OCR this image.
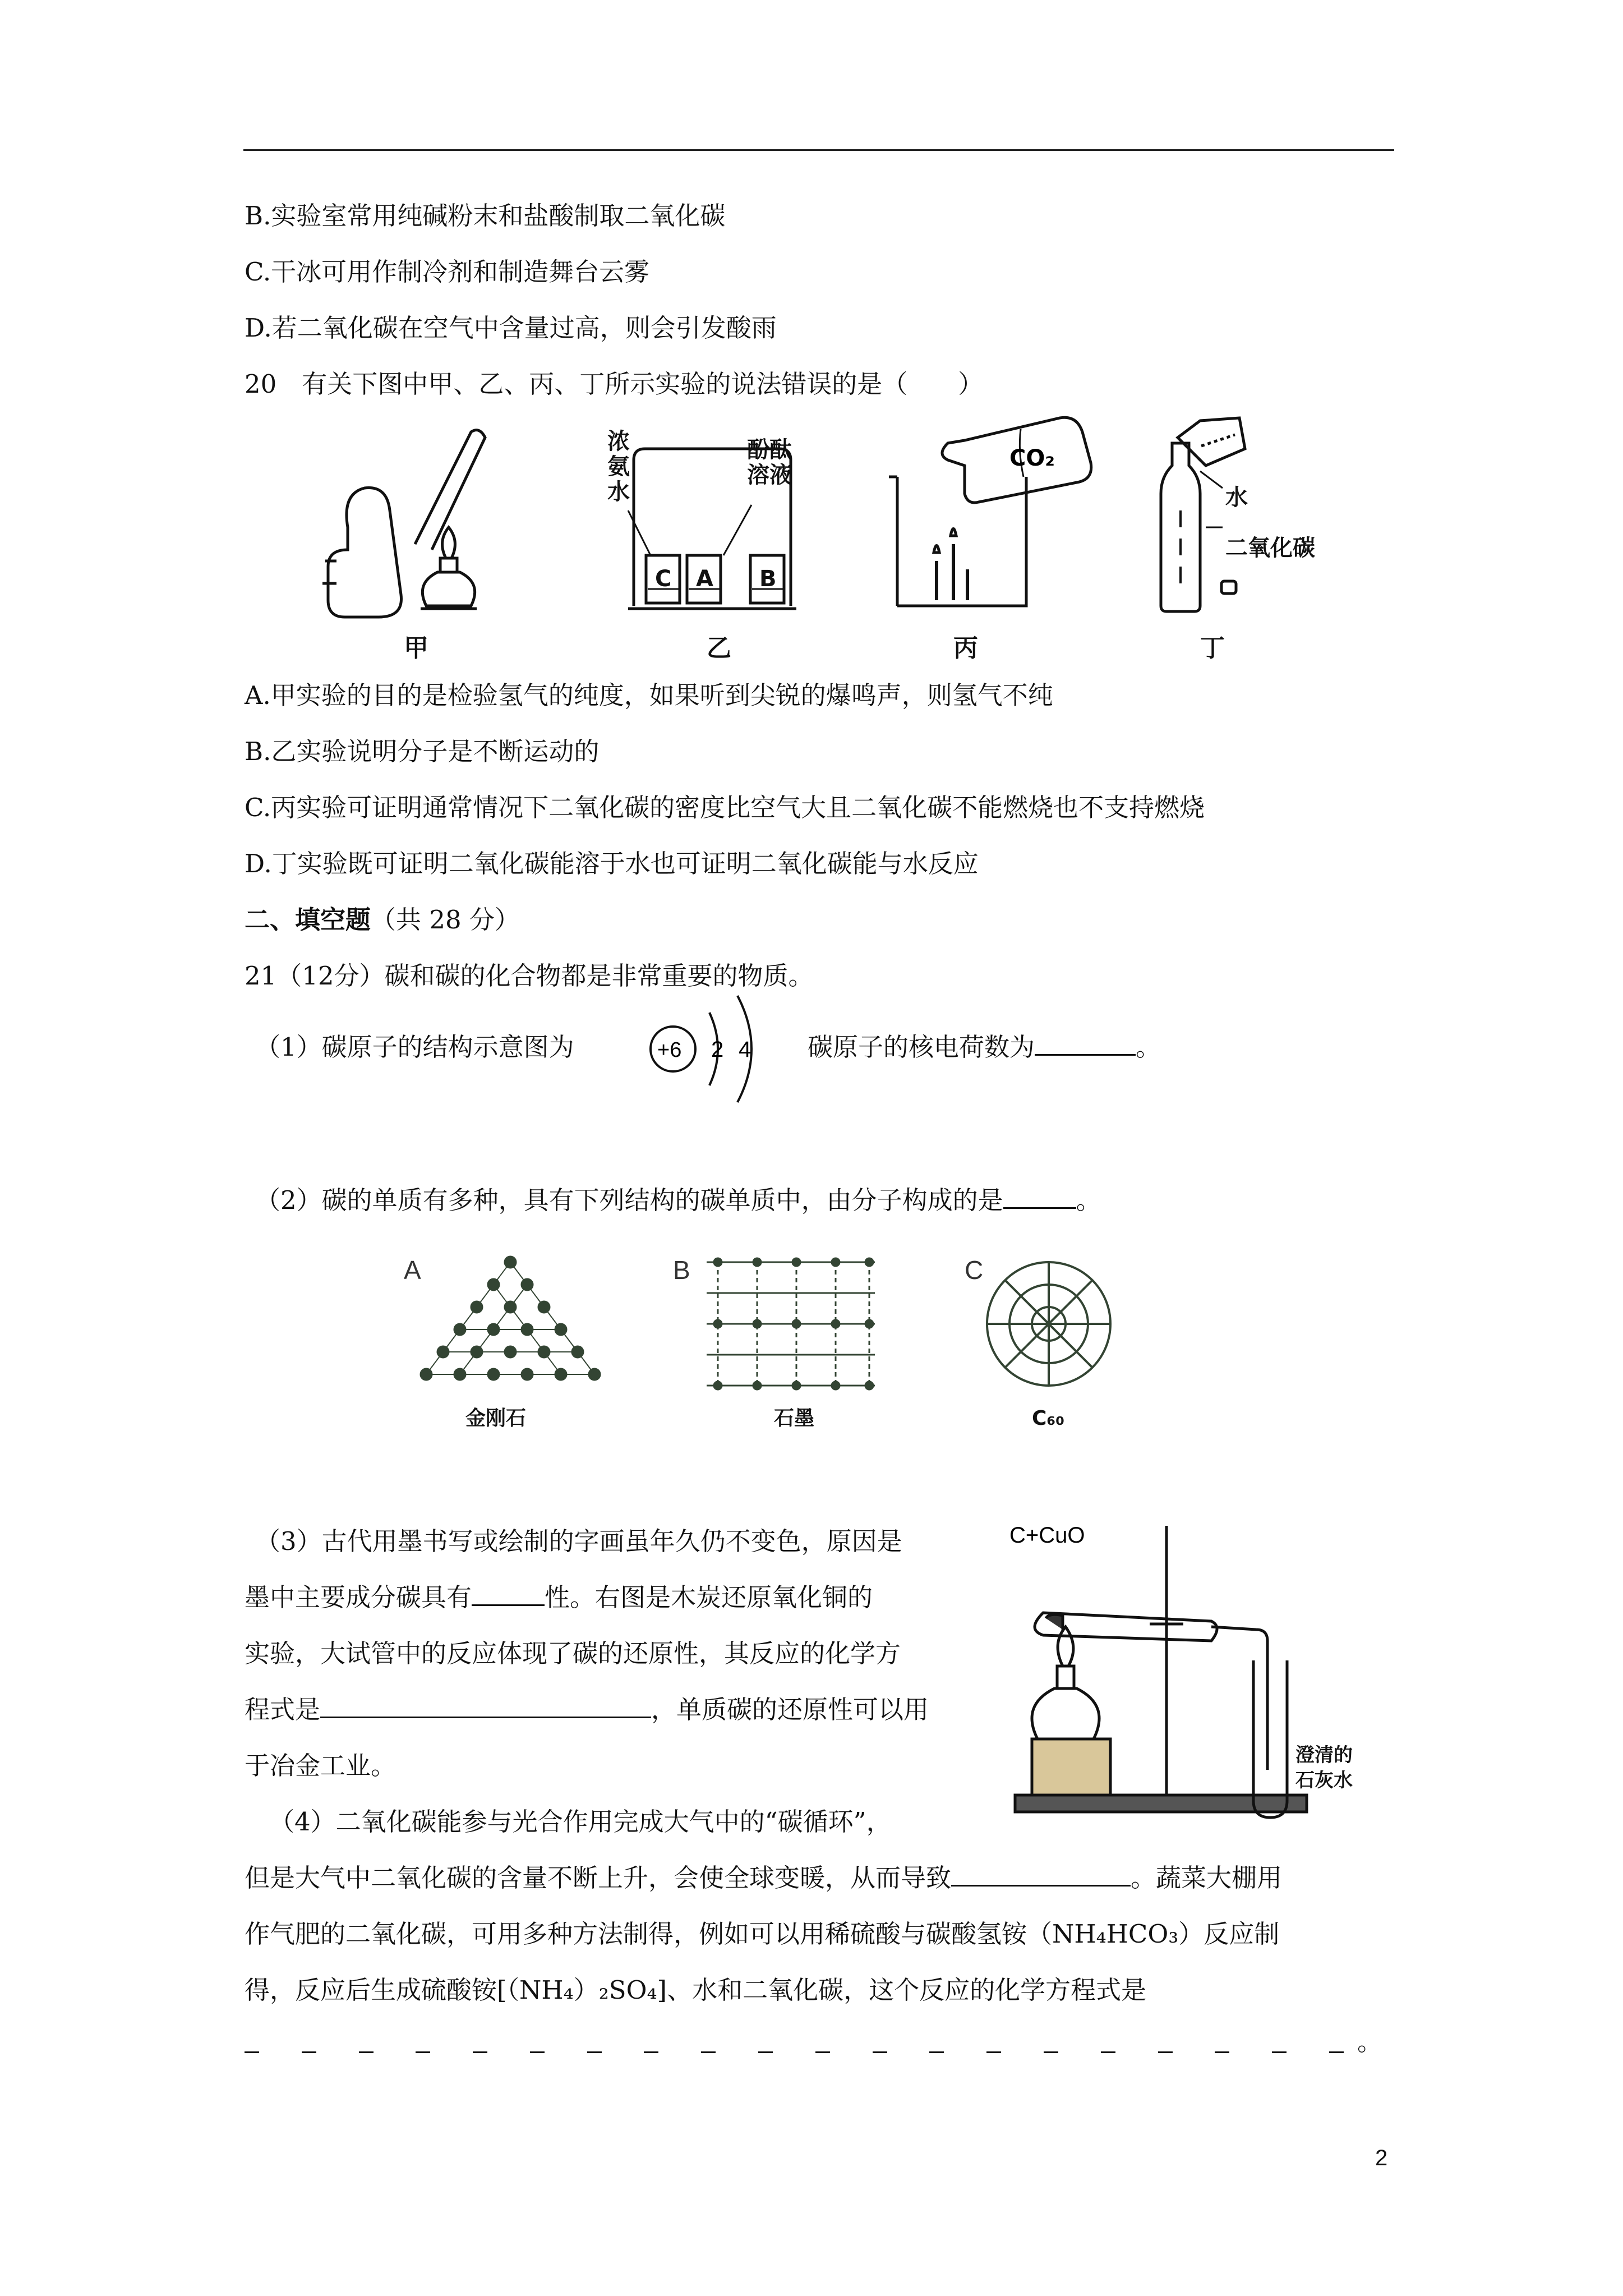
B.实验室常用纯碱粉末和盐酸制取二氧化碳
C.干冰可用作制冷剂和制造舞台云雾
D.若二氧化碳在空气中含量过高，则会引发酸雨
20　有关下图中甲、乙、丙、丁所示实验的说法错误的是（　　）
浓
氨
水
酚酞
溶液
C A B
CO₂
水
二氧化碳
甲	乙	丙	丁
A.甲实验的目的是检验氢气的纯度，如果听到尖锐的爆鸣声，则氢气不纯
B.乙实验说明分子是不断运动的
C.丙实验可证明通常情况下二氧化碳的密度比空气大且二氧化碳不能燃烧也不支持燃烧
D.丁实验既可证明二氧化碳能溶于水也可证明二氧化碳能与水反应
二、填空题（共 28 分）
21（12分）碳和碳的化合物都是非常重要的物质。
（1）碳原子的结构示意图为	+6 2 4 碳原子的核电荷数为	。
（2）碳的单质有多种，具有下列结构的碳单质中，由分子构成的是	。
A	B	C
金刚石	石墨	C₆₀
（3）古代用墨书写或绘制的字画虽年久仍不变色，原因是
墨中主要成分碳具有	性。右图是木炭还原氧化铜的
实验，大试管中的反应体现了碳的还原性，其反应的化学方
程式是	，单质碳的还原性可以用
于冶金工业。
C+CuO
澄清的
石灰水
（4）二氧化碳能参与光合作用完成大气中的“碳循环”，
但是大气中二氧化碳的含量不断上升，会使全球变暖，从而导致	。蔬菜大棚用
作气肥的二氧化碳，可用多种方法制得，例如可以用稀硫酸与碳酸氢铵（NH₄HCO₃）反应制
得，反应后生成硫酸铵[（NH₄）₂SO₄]、水和二氧化碳，这个反应的化学方程式是
。
2
